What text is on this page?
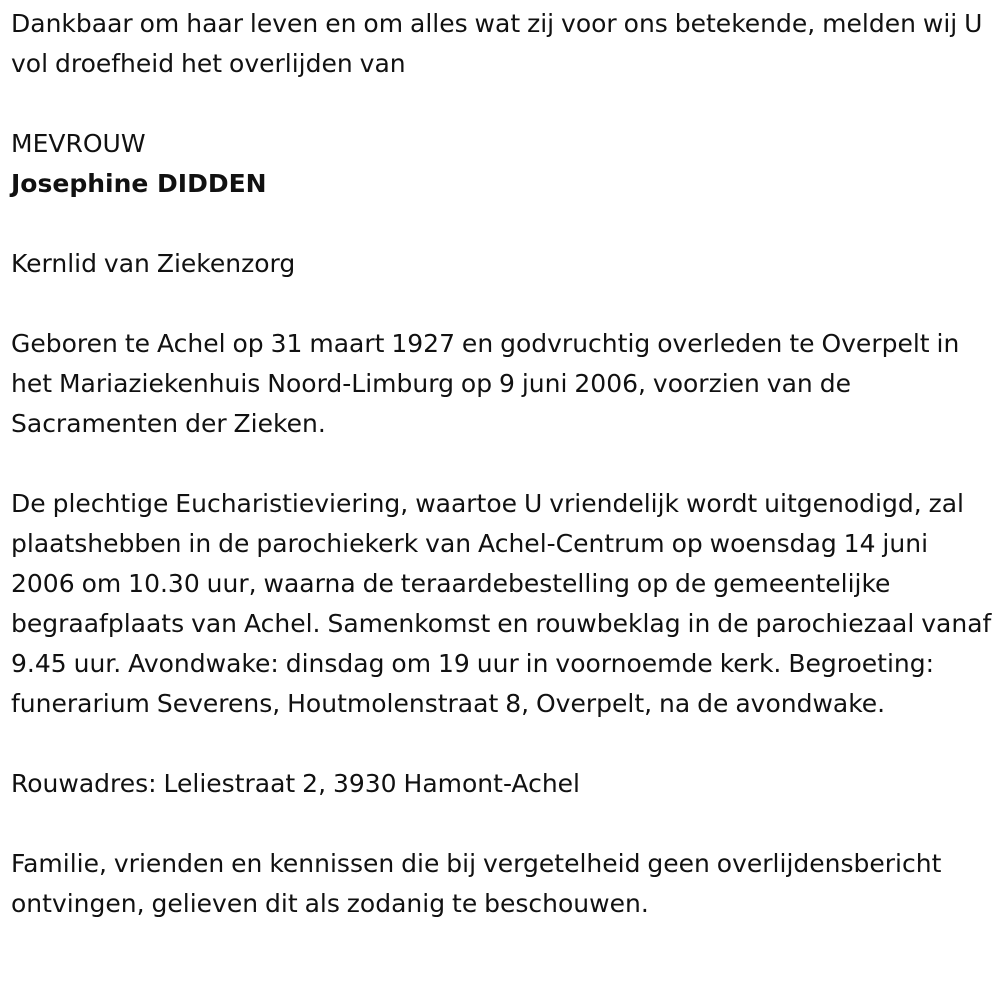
Dankbaar om haar leven en om alles wat zij voor ons betekende, melden wij U vol droefheid het overlijden van

MEVROUW
Josephine DIDDEN

Kernlid van Ziekenzorg

Geboren te Achel op 31 maart 1927 en godvruchtig overleden te Overpelt in het Mariaziekenhuis Noord-Limburg op 9 juni 2006, voorzien van de Sacramenten der Zieken.

De plechtige Eucharistieviering, waartoe U vriendelijk wordt uitgenodigd, zal plaatshebben in de parochiekerk van Achel-Centrum op woensdag 14 juni 2006 om 10.30 uur, waarna de teraardebestelling op de gemeentelijke begraafplaats van Achel. Samenkomst en rouwbeklag in de parochiezaal vanaf 9.45 uur. Avondwake: dinsdag om 19 uur in voornoemde kerk. Begroeting: funerarium Severens, Houtmolenstraat 8, Overpelt, na de avondwake.

Rouwadres: Leliestraat 2, 3930 Hamont-Achel

Familie, vrienden en kennissen die bij vergetelheid geen overlijdensbericht ontvingen, gelieven dit als zodanig te beschouwen.
